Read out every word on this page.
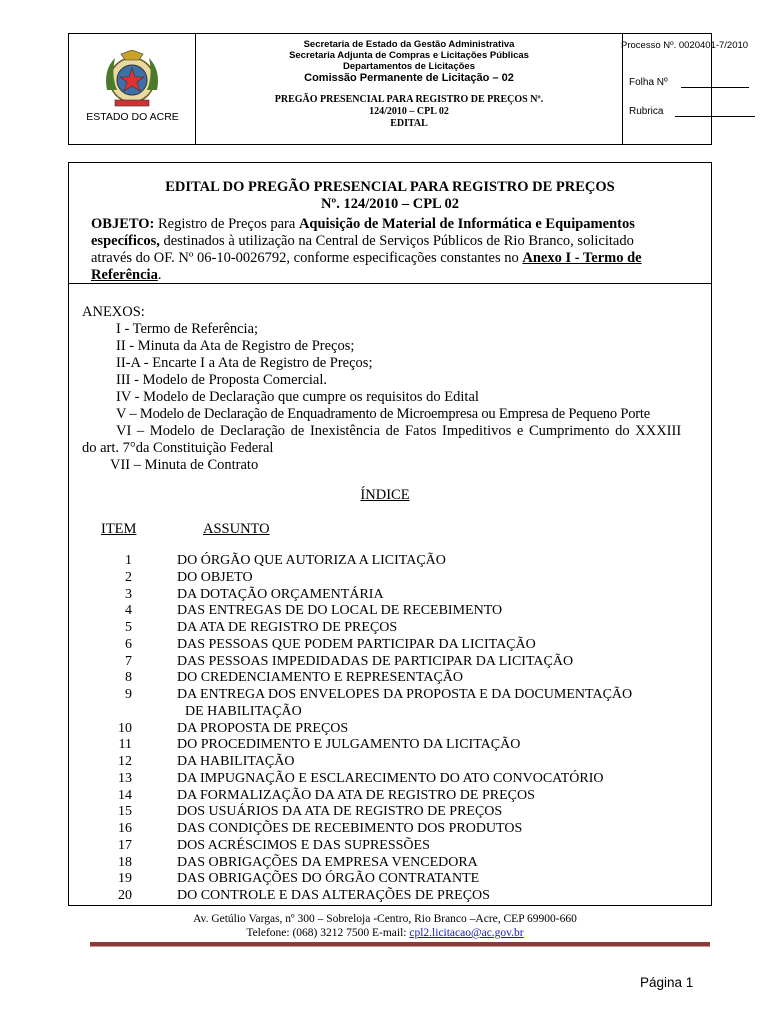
ESTADO DO ACRE
Secretaria de Estado da Gestão Administrativa
Secretaria Adjunta de Compras e Licitações Públicas
Departamentos de Licitações
Comissão Permanente de Licitação – 02
PREGÃO PRESENCIAL PARA REGISTRO DE PREÇOS Nº.
124/2010 – CPL 02
EDITAL
Processo Nº. 0020401-7/2010
Folha Nº
Rubrica
EDITAL DO PREGÃO PRESENCIAL PARA REGISTRO DE PREÇOS
Nº. 124/2010 – CPL 02
OBJETO: Registro de Preços para Aquisição de Material de Informática e Equipamentos
específicos, destinados à utilização na Central de Serviços Públicos de Rio Branco, solicitado
através do OF. Nº 06-10-0026792, conforme especificações constantes no Anexo I - Termo de
Referência.
ANEXOS:
I - Termo de Referência;
II - Minuta da Ata de Registro de Preços;
II-A - Encarte I a Ata de Registro de Preços;
III - Modelo de Proposta Comercial.
IV - Modelo de Declaração que cumpre os requisitos do Edital
V – Modelo de Declaração de Enquadramento de Microempresa ou Empresa de Pequeno Porte
VI – Modelo de Declaração de Inexistência de Fatos Impeditivos e Cumprimento do XXXIII
do art. 7°da Constituição Federal
VII – Minuta de Contrato
ÍNDICE
ITEM	ASSUNTO
1	DO ÓRGÃO QUE AUTORIZA A LICITAÇÃO
2	DO OBJETO
3	DA DOTAÇÃO ORÇAMENTÁRIA
4	DAS ENTREGAS DE DO LOCAL DE RECEBIMENTO
5	DA ATA DE REGISTRO DE PREÇOS
6	DAS PESSOAS QUE PODEM PARTICIPAR DA LICITAÇÃO
7	DAS PESSOAS IMPEDIDADAS DE PARTICIPAR DA LICITAÇÃO
8	DO CREDENCIAMENTO E REPRESENTAÇÃO
9	DA ENTREGA DOS ENVELOPES DA PROPOSTA E DA DOCUMENTAÇÃO
DE HABILITAÇÃO
10	DA PROPOSTA DE PREÇOS
11	DO PROCEDIMENTO E JULGAMENTO DA LICITAÇÃO
12	DA HABILITAÇÃO
13	DA IMPUGNAÇÃO E ESCLARECIMENTO DO ATO CONVOCATÓRIO
14	DA FORMALIZAÇÃO DA ATA DE REGISTRO DE PREÇOS
15	DOS USUÁRIOS DA ATA DE REGISTRO DE PREÇOS
16	DAS CONDIÇÕES DE RECEBIMENTO DOS PRODUTOS
17	DOS ACRÉSCIMOS E DAS SUPRESSÕES
18	DAS OBRIGAÇÕES DA EMPRESA VENCEDORA
19	DAS OBRIGAÇÕES DO ÓRGÃO CONTRATANTE
20	DO CONTROLE E DAS ALTERAÇÕES DE PREÇOS
Av. Getúlio Vargas, nº 300 – Sobreloja -Centro, Rio Branco –Acre, CEP 69900-660
Telefone: (068) 3212 7500 E-mail: cpl2.licitacao@ac.gov.br
Página 1
